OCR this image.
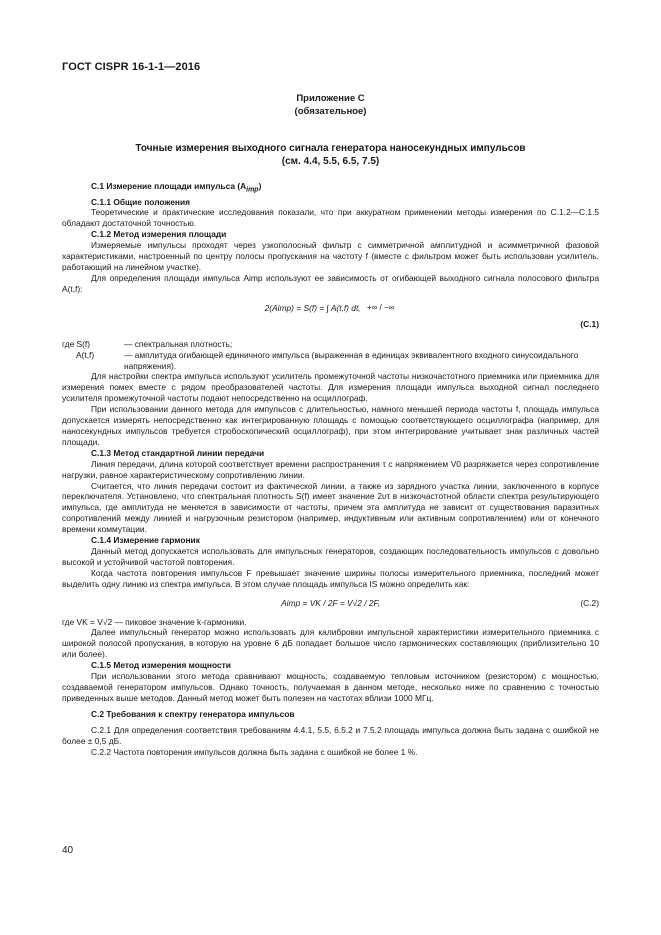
ГОСТ CISPR 16-1-1—2016
Приложение C
(обязательное)
Точные измерения выходного сигнала генератора наносекундных импульсов
(см. 4.4, 5.5, 6.5, 7.5)

C.1 Измерение площади импульса $(A_{imp})$

C.1.1 Общие положения

Теоретические и практические исследования показали, что при аккуратном применении методы измерения по C.1.2—C.1.5 обладают достаточной точностью.

C.1.2 Метод измерения площади

Измеряемые импульсы проходят через узкополосный фильтр с симметричной амплитудной и асимметричной фазовой характеристиками, настроенный по центру полосы пропускания на частоту f (вместе с фильтром может быть использован усилитель, работающий на линейном участке).

Для определения площади импульса Aimp используют ее зависимость от огибающей выходного сигнала полосового фильтра A(t,f):

2(Aimp) = S(f) = ∫ A(t,f) dt, +∞ / −∞
(C.1)
где S(f)	— спектральная плотность;
A(t,f)	— амплитуда огибающей единичного импульса (выраженная в единицах эквивалентного входного синусоидального напряжения).

Для настройки спектра импульса используют усилитель промежуточной частоты низкочастотного приемника или приемника для измерения помех вместе с рядом преобразователей частоты. Для измерения площади импульса выходной сигнал последнего усилителя промежуточной частоты подают непосредственно на осциллограф.

При использовании данного метода для импульсов с длительностью, намного меньшей периода частоты f, площадь импульса допускается измерять непосредственно как интегрированную площадь с помощью соответствующего осциллографа (например, для наносекундных импульсов требуется стробоскопический осциллограф), при этом интегрирование учитывает знак различных частей площади.

C.1.3 Метод стандартной линии передачи

Линия передачи, длина которой соответствует времени распространения τ с напряжением V0 разряжается через сопротивление нагрузки, равное характеристическому сопротивлению линии.

Считается, что линия передачи состоит из фактической линии, а также из зарядного участка линии, заключенного в корпусе переключателя. Установлено, что спектральная плотность S(f) имеет значение 2υτ в низкочастотной области спектра результирующего импульса, где амплитуда не меняется в зависимости от частоты, причем эта амплитуда не зависит от существования паразитных сопротивлений между линией и нагрузочным резистором (например, индуктивным или активным сопротивлением) или от конечного времени коммутации.

C.1.4 Измерение гармоник

Данный метод допускается использовать для импульсных генераторов, создающих последовательность импульсов с довольно высокой и устойчивой частотой повторения.

Когда частота повторения импульсов F превышает значение ширины полосы измерительного приемника, последний может выделить одну линию из спектра импульса. В этом случае площадь импульса IS можно определить как:

Aimp = VK / 2F = V√2 / 2F,	(C.2)

где VK = V√2 — пиковое значение k-гармоники.

Далее импульсный генератор можно использовать для калибровки импульсной характеристики измерительного приемника с широкой полосой пропускания, в которую на уровне 6 дБ попадает большое число гармонических составляющих (приблизительно 10 или более).

C.1.5 Метод измерения мощности

При использовании этого метода сравнивают мощность, создаваемую тепловым источником (резистором) с мощностью, создаваемой генератором импульсов. Однако точность, получаемая в данном методе, несколько ниже по сравнению с точностью приведенных выше методов. Данный метод может быть полезен на частотах вблизи 1000 МГц.

C.2 Требования к спектру генератора импульсов

C.2.1 Для определения соответствия требованиям 4.4.1, 5.5, 6.5.2 и 7.5.2 площадь импульса должна быть задана с ошибкой не более ± 0,5 дБ.

C.2.2 Частота повторения импульсов должна быть задана с ошибкой не более 1 %.

40
